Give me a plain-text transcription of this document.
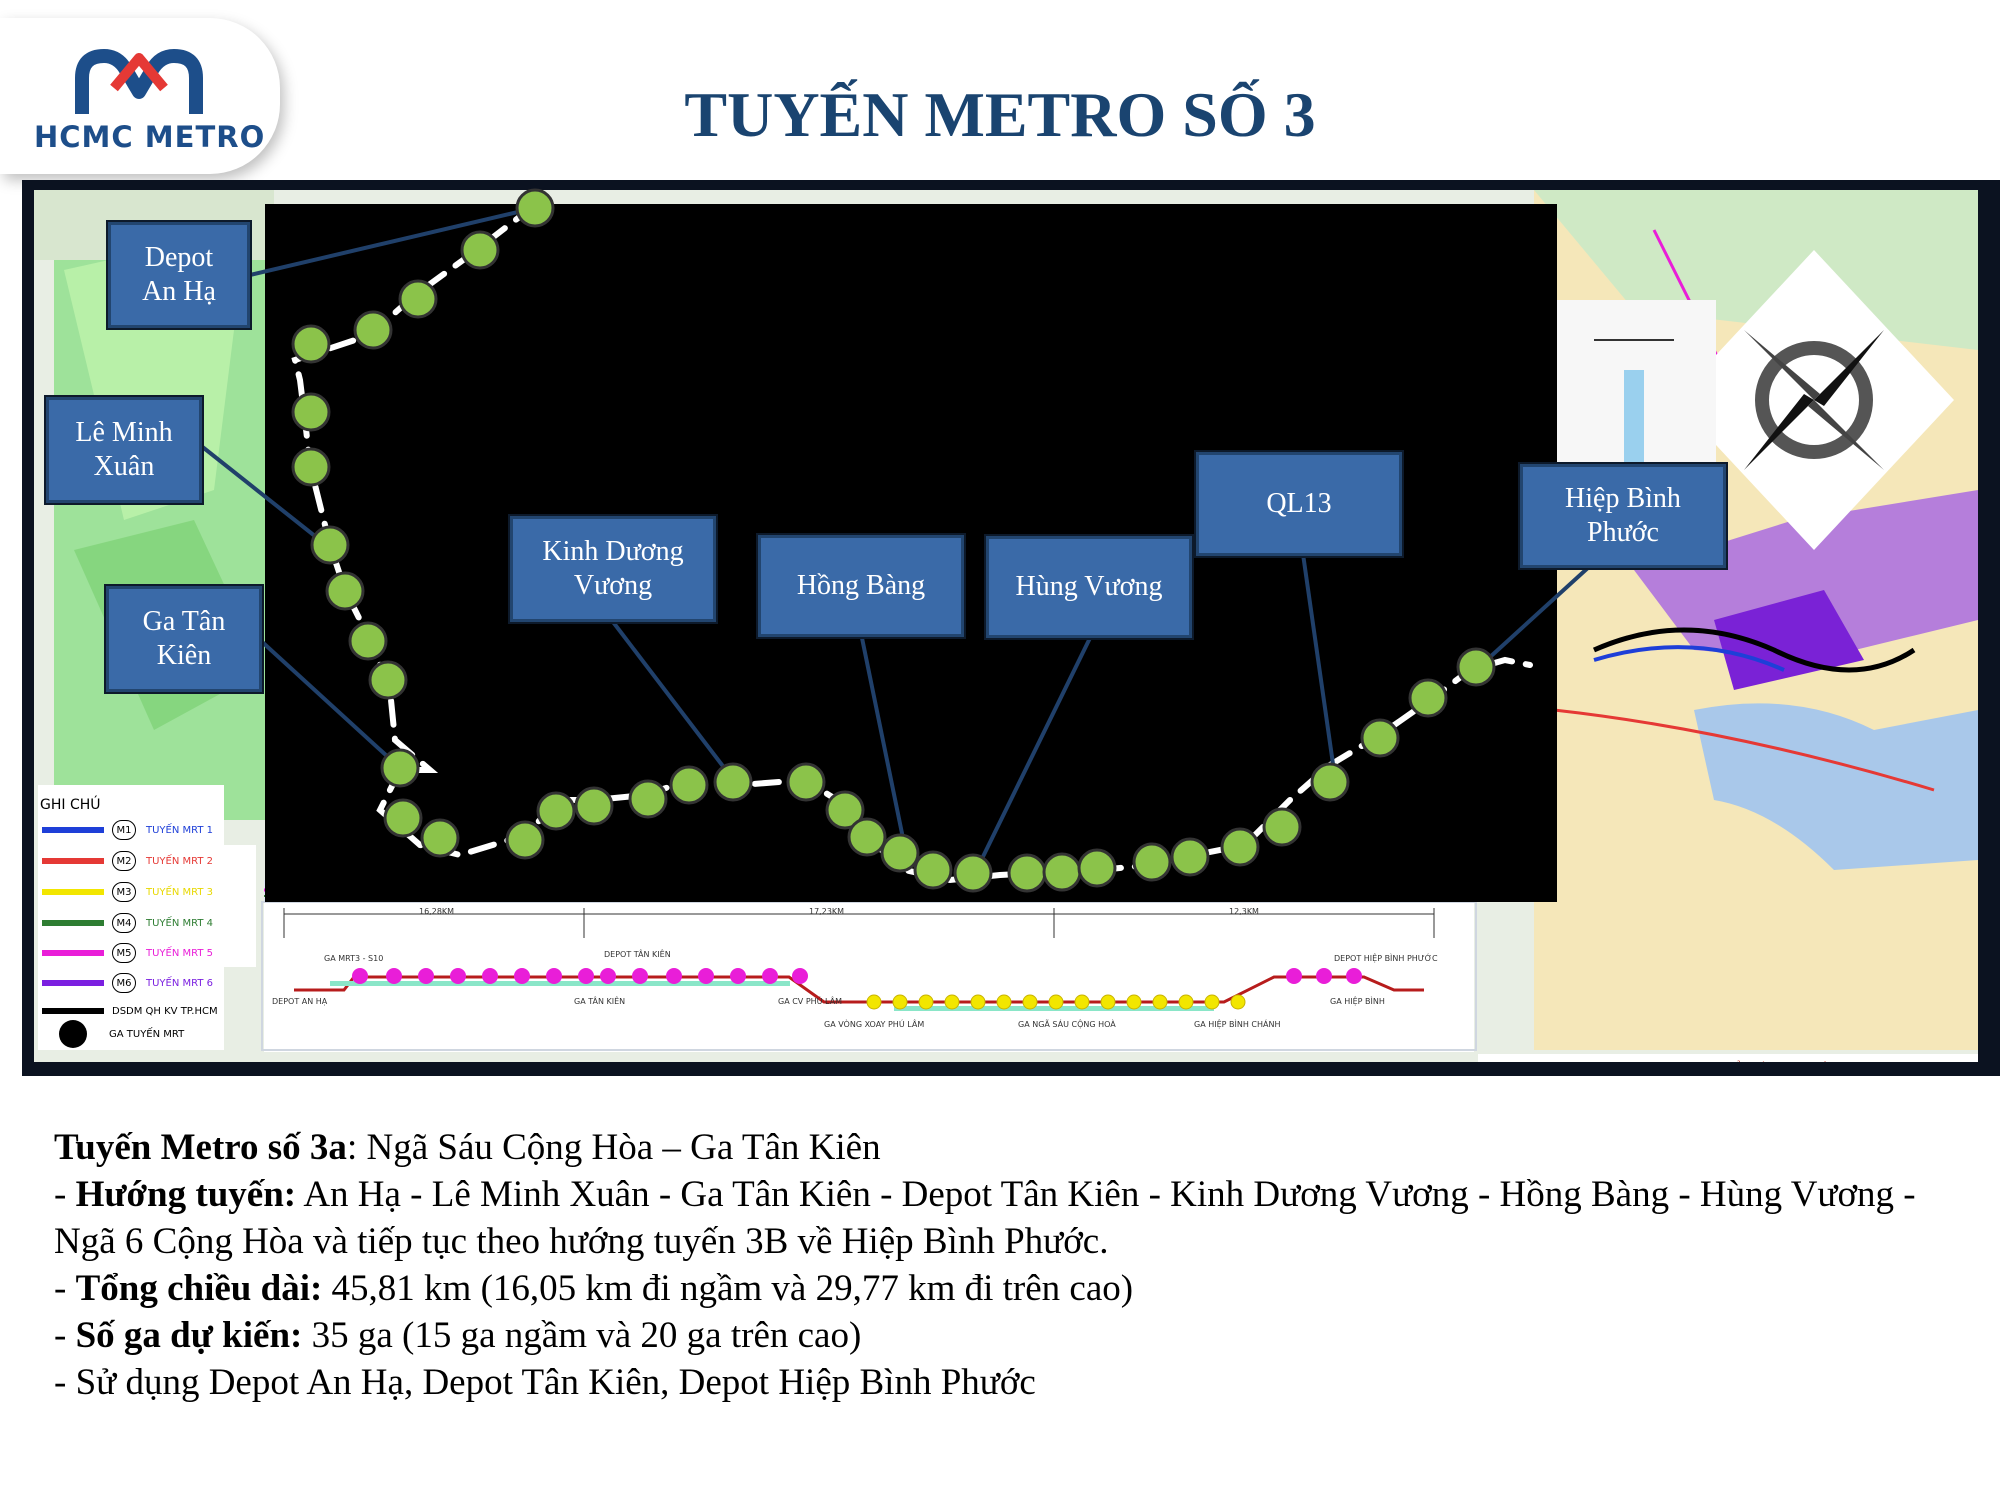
HCMC METRO	TUYẾN METRO SỐ 3
16,28KM	17,23KM	12,3KM
GA MRT3 - S10	DEPOT TÂN KIÊN	DEPOT HIỆP BÌNH PHƯỚC
DEPOT AN HẠ	GA TÂN KIÊN	GA CV PHÚ LÂM	GA HIỆP BÌNH
GA VÒNG XOAY PHÚ LÂM	GA NGÃ SÁU CỘNG HOÀ	GA HIỆP BÌNH CHÁNH
GHI CHÚ
M1	TUYẾN MRT 1
M2	TUYẾN MRT 2
M3	TUYẾN MRT 3
M4	TUYẾN MRT 4
M5	TUYẾN MRT 5
M6	TUYẾN MRT 6
DSDM QH KV TP.HCM
GA TUYẾN MRT
Depot
An Hạ
Lê Minh
Xuân
Ga Tân
Kiên
Kinh Dương
Vương	Hồng Bàng	Hùng Vương
QL13	Hiệp Bình
Phước
Tuyến Metro số 3a: Ngã Sáu Cộng Hòa – Ga Tân Kiên
- Hướng tuyến: An Hạ - Lê Minh Xuân - Ga Tân Kiên - Depot Tân Kiên - Kinh Dương Vương - Hồng Bàng - Hùng Vương - Ngã 6 Cộng Hòa và tiếp tục theo hướng tuyến 3B về Hiệp Bình Phước.
- Tổng chiều dài: 45,81 km (16,05 km đi ngầm và 29,77 km đi trên cao)
- Số ga dự kiến: 35 ga (15 ga ngầm và 20 ga trên cao)
- Sử dụng Depot An Hạ, Depot Tân Kiên, Depot Hiệp Bình Phước
